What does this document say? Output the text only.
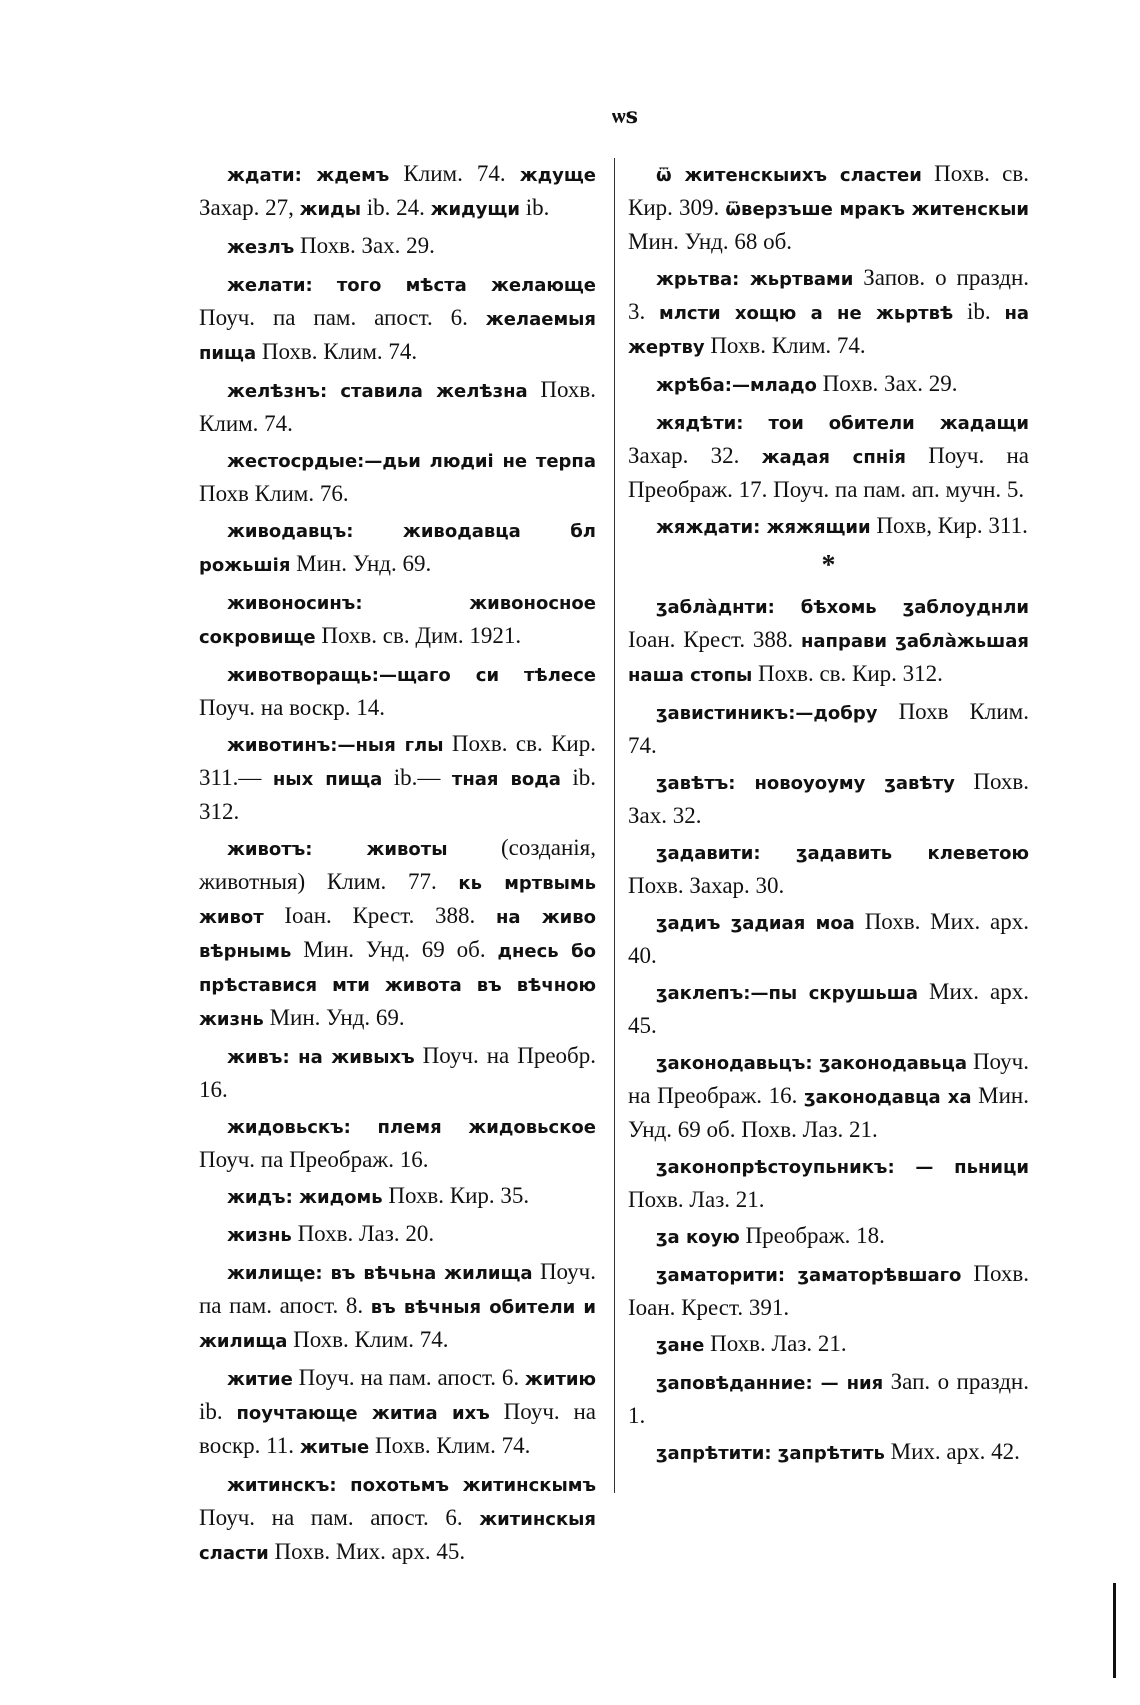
ѡѕ
ждати: ждемъ Клим. 74. ждуще Захар. 27, жиды ib. 24. жидущи ib.
жезлъ Похв. Зах. 29.
желати: того мѣста желающе Поуч. па пам. апост. 6. желаемыя пища Похв. Клим. 74.
желѣзнъ: ставила желѣзна Похв. Клим. 74.
жестосрдые:—дьи людиі не терпа Похв Клим. 76.
живодавцъ: живодавца бл рожьшія Мин. Унд. 69.
живоносинъ: живоносное сокровище Похв. св. Дим. 1921.
животворащь:—щаго си тѣлесе Поуч. на воскр. 14.
животинъ:—ныя глы Похв. св. Кир. 311.— ных пища ib.— тная вода ib. 312.
животъ: животы (созданія, животныя) Клим. 77. кь мртвымь живот Іоан. Крест. 388. на живо вѣрнымь Мин. Унд. 69 об. днесь бо прѣставися мти живота въ вѣчною жизнь Мин. Унд. 69.
живъ: на живыхъ Поуч. на Преобр. 16.
жидовьскъ: племя жидовьское Поуч. па Преображ. 16.
жидъ: жидомь Похв. Кир. 35.
жизнь Похв. Лаз. 20.
жилище: въ вѣчьна жилища Поуч. па пам. апост. 8. въ вѣчныя обители и жилища Похв. Клим. 74.
житие Поуч. на пам. апост. 6. житию ib. поучтающе житиа ихъ Поуч. на воскр. 11. житые Похв. Клим. 74.
житинскъ: похотьмъ житинскымъ Поуч. на пам. апост. 6. житинскыя сласти Похв. Мих. арх. 45.
ѿ житенскыихъ сластеи Похв. св. Кир. 309. ѿверзъше мракъ житенскыи Мин. Унд. 68 об.
жрьтва: жьртвами Запов. о праздн. 3. млсти хощю а не жьртвѣ ib. на жертву Похв. Клим. 74.
жрѣба:—младо Похв. Зах. 29.
жядѣти: тои обители жадащи Захар. 32. жадая спнія Поуч. на Преображ. 17. Поуч. па пам. ап. мучн. 5.
жяждати: жяжящии Похв, Кир. 311.
*
ӡабла̀днти: бѣхомь ӡаблоуднли Іоан. Крест. 388. направи ӡабла̀жьшая наша стопы Похв. св. Кир. 312.
ӡавистиникъ:—добру Похв Клим. 74.
ӡавѣтъ: новоуоуму ӡавѣту Похв. Зах. 32.
ӡадавити: ӡадавить клеветою Похв. Захар. 30.
ӡадиъ ӡадиая моа Похв. Мих. арх. 40.
ӡаклепъ:—пы скрушьша Мих. арх. 45.
ӡаконодавьцъ: ӡаконодавьца Поуч. на Преображ. 16. ӡаконодавца ха Мин. Унд. 69 об. Похв. Лаз. 21.
ӡаконопрѣстоупьникъ: — пьници Похв. Лаз. 21.
ӡа коую Преображ. 18.
ӡаматорити: ӡаматорѣвшаго Похв. Іоан. Крест. 391.
ӡане Похв. Лаз. 21.
ӡаповѣданние: — ния Зап. о праздн. 1.
ӡапрѣтити: ӡапрѣтить Мих. арх. 42.
